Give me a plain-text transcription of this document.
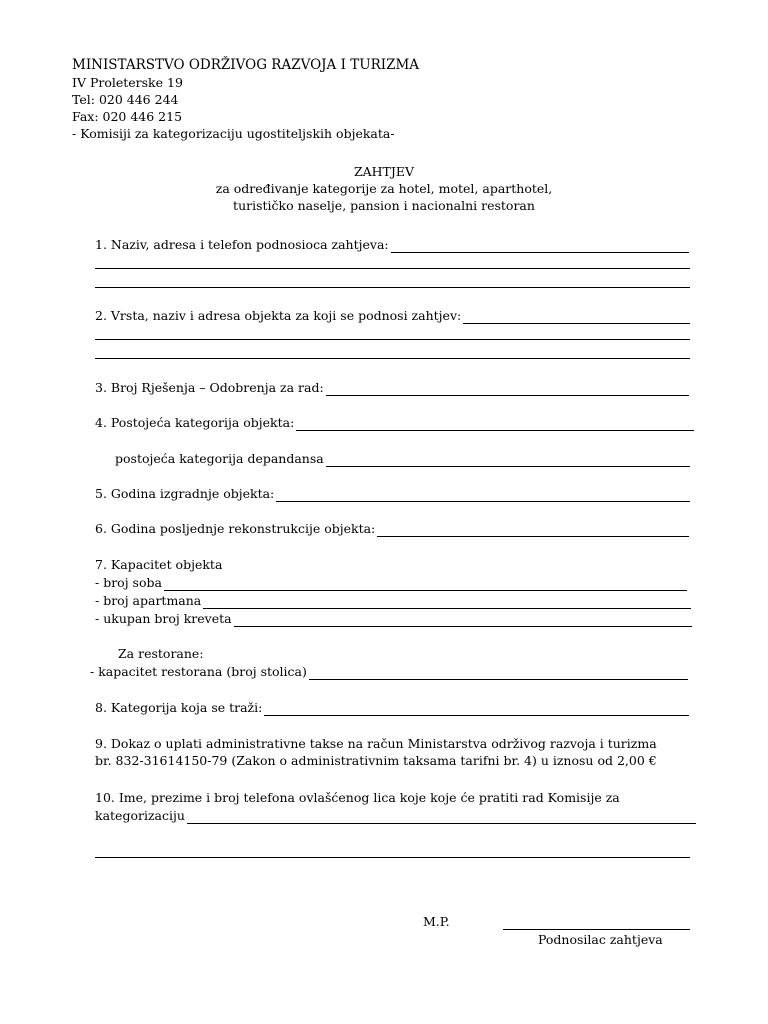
MINISTARSTVO ODRŽIVOG RAZVOJA I TURIZMA
IV Proleterske 19
Tel: 020 446 244
Fax: 020 446 215
- Komisiji za kategorizaciju ugostiteljskih objekata-
ZAHTJEV
za određivanje kategorije za hotel, motel, aparthotel,
turističko naselje, pansion i nacionalni restoran
1. Naziv, adresa i telefon podnosioca zahtjeva:
2. Vrsta, naziv i adresa objekta za koji se podnosi zahtjev:
3. Broj Rješenja – Odobrenja za rad:
4. Postojeća kategorija objekta:
postojeća kategorija depandansa
5. Godina izgradnje objekta:
6. Godina posljednje rekonstrukcije objekta:
7. Kapacitet objekta
- broj soba
- broj apartmana
- ukupan broj kreveta
Za restorane:
- kapacitet restorana (broj stolica)
8. Kategorija koja se traži:
9. Dokaz o uplati administrativne takse na račun Ministarstva održivog razvoja i turizma
br. 832-31614150-79 (Zakon o administrativnim taksama tarifni br. 4) u iznosu od 2,00 €
10. Ime, prezime i broj telefona ovlašćenog lica koje koje će pratiti rad Komisije za
kategorizaciju
M.P.
Podnosilac zahtjeva
